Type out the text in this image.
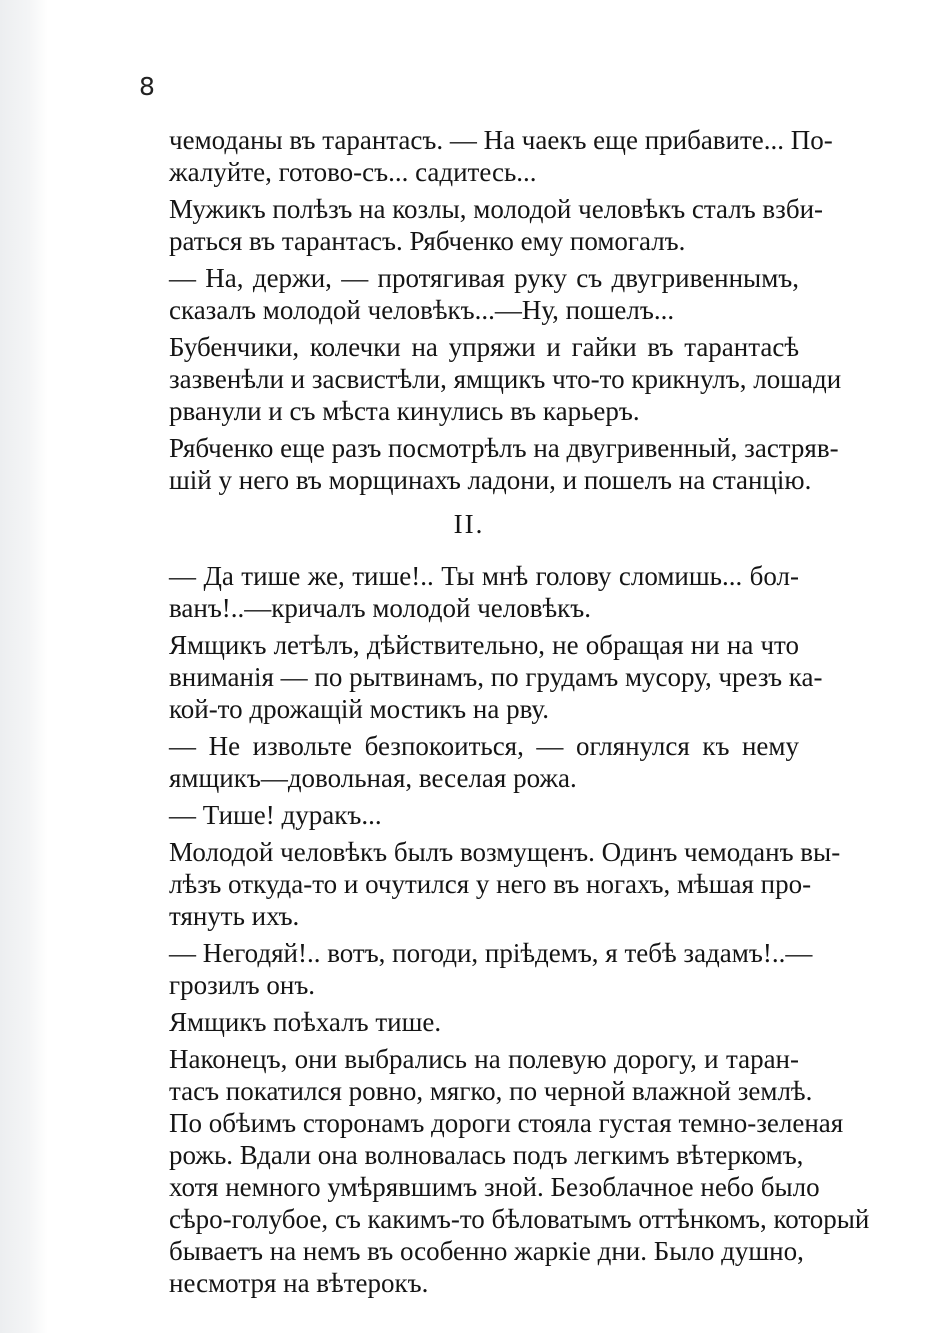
8

чемоданы въ тарантасъ. — На чаекъ еще прибавите... По-
жалуйте, готово-съ... садитесь...

Мужикъ полѣзъ на козлы, молодой человѣкъ сталъ взби-
раться въ тарантасъ. Рябченко ему помогалъ.

— На, держи, — протягивая руку съ двугривеннымъ,
сказалъ молодой человѣкъ...—Ну, пошелъ...

Бубенчики, колечки на упряжи и гайки въ тарантасѣ
зазвенѣли и засвистѣли, ямщикъ что-то крикнулъ, лошади
рванули и съ мѣста кинулись въ карьеръ.

Рябченко еще разъ посмотрѣлъ на двугривенный, застряв-
шій у него въ морщинахъ ладони, и пошелъ на станцію.

II.

— Да тише же, тише!.. Ты мнѣ голову сломишь... бол-
ванъ!..—кричалъ молодой человѣкъ.

Ямщикъ летѣлъ, дѣйствительно, не обращая ни на что
вниманія — по рытвинамъ, по грудамъ мусору, чрезъ ка-
кой-то дрожащій мостикъ на рву.

— Не извольте безпокоиться, — оглянулся къ нему
ямщикъ—довольная, веселая рожа.

— Тише! дуракъ...

Молодой человѣкъ былъ возмущенъ. Одинъ чемоданъ вы-
лѣзъ откуда-то и очутился у него въ ногахъ, мѣшая про-
тянуть ихъ.

— Негодяй!.. вотъ, погоди, пріѣдемъ, я тебѣ задамъ!..—
грозилъ онъ.

Ямщикъ поѣхалъ тише.

Наконецъ, они выбрались на полевую дорогу, и таран-
тасъ покатился ровно, мягко, по черной влажной землѣ.
По обѣимъ сторонамъ дороги стояла густая темно-зеленая
рожь. Вдали она волновалась подъ легкимъ вѣтеркомъ,
хотя немного умѣрявшимъ зной. Безоблачное небо было
сѣро-голубое, съ какимъ-то бѣловатымъ оттѣнкомъ, который
бываетъ на немъ въ особенно жаркіе дни. Было душно,
несмотря на вѣтерокъ.
